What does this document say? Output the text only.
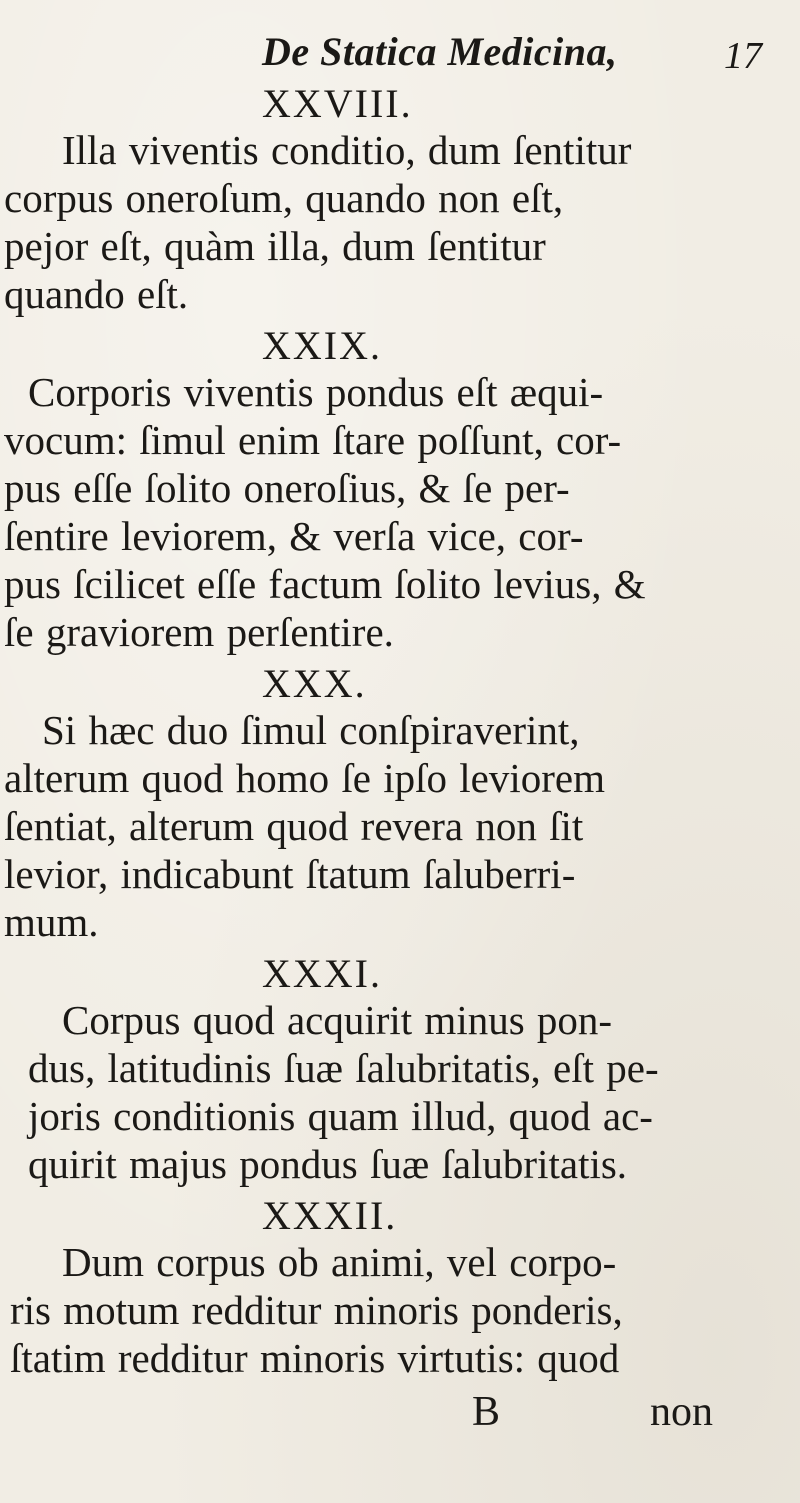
De Statica Medicina,	17
XXVIII.
Illa viventis conditio, dum ſentitur
corpus oneroſum, quando non eſt,
pejor eſt, quàm illa, dum ſentitur
quando eſt.
XXIX.
Corporis viventis pondus eſt æqui-
vocum: ſimul enim ſtare poſſunt, cor-
pus eſſe ſolito oneroſius, & ſe per-
ſentire leviorem, & verſa vice, cor-
pus ſcilicet eſſe factum ſolito levius, &
ſe graviorem perſentire.
XXX.
Si hæc duo ſimul conſpiraverint,
alterum quod homo ſe ipſo leviorem
ſentiat, alterum quod revera non ſit
levior, indicabunt ſtatum ſaluberri-
mum.
XXXI.
Corpus quod acquirit minus pon-
dus, latitudinis ſuæ ſalubritatis, eſt pe-
joris conditionis quam illud, quod ac-
quirit majus pondus ſuæ ſalubritatis.
XXXII.
Dum corpus ob animi, vel corpo-
ris motum redditur minoris ponderis,
ſtatim redditur minoris virtutis: quod
B	non
